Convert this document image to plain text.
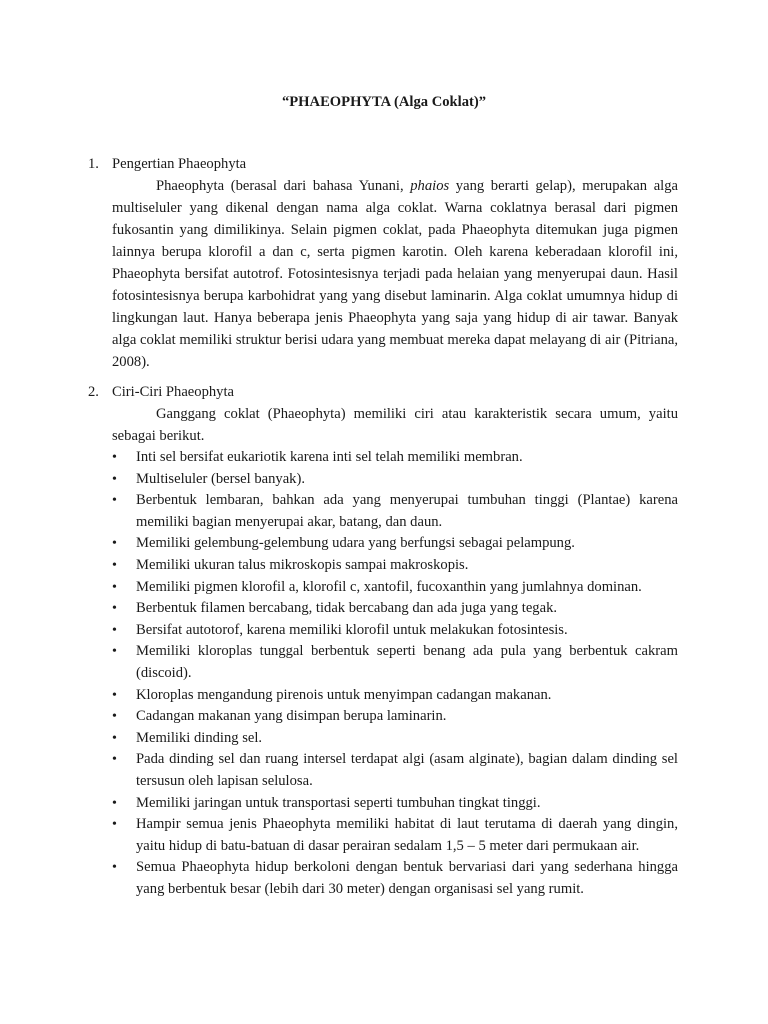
“PHAEOPHYTA (Alga Coklat)”
1. Pengertian Phaeophyta
Phaeophyta (berasal dari bahasa Yunani, phaios yang berarti gelap), merupakan alga multiseluler yang dikenal dengan nama alga coklat. Warna coklatnya berasal dari pigmen fukosantin yang dimilikinya. Selain pigmen coklat, pada Phaeophyta ditemukan juga pigmen lainnya berupa klorofil a dan c, serta pigmen karotin. Oleh karena keberadaan klorofil ini, Phaeophyta bersifat autotrof. Fotosintesisnya terjadi pada helaian yang menyerupai daun. Hasil fotosintesisnya berupa karbohidrat yang yang disebut laminarin. Alga coklat umumnya hidup di lingkungan laut. Hanya beberapa jenis Phaeophyta yang saja yang hidup di air tawar. Banyak alga coklat memiliki struktur berisi udara yang membuat mereka dapat melayang di air (Pitriana, 2008).
2. Ciri-Ciri Phaeophyta
Ganggang coklat (Phaeophyta) memiliki ciri atau karakteristik secara umum, yaitu sebagai berikut.
• Inti sel bersifat eukariotik karena inti sel telah memiliki membran.
• Multiseluler (bersel banyak).
• Berbentuk lembaran, bahkan ada yang menyerupai tumbuhan tinggi (Plantae) karena memiliki bagian menyerupai akar, batang, dan daun.
• Memiliki gelembung-gelembung udara yang berfungsi sebagai pelampung.
• Memiliki ukuran talus mikroskopis sampai makroskopis.
• Memiliki pigmen klorofil a, klorofil c, xantofil, fucoxanthin yang jumlahnya dominan.
• Berbentuk filamen bercabang, tidak bercabang dan ada juga yang tegak.
• Bersifat autotorof, karena memiliki klorofil untuk melakukan fotosintesis.
• Memiliki kloroplas tunggal berbentuk seperti benang ada pula yang berbentuk cakram (discoid).
• Kloroplas mengandung pirenois untuk menyimpan cadangan makanan.
• Cadangan makanan yang disimpan berupa laminarin.
• Memiliki dinding sel.
• Pada dinding sel dan ruang intersel terdapat algi (asam alginate), bagian dalam dinding sel tersusun oleh lapisan selulosa.
• Memiliki jaringan untuk transportasi seperti tumbuhan tingkat tinggi.
• Hampir semua jenis Phaeophyta memiliki habitat di laut terutama di daerah yang dingin, yaitu hidup di batu-batuan di dasar perairan sedalam 1,5 – 5 meter dari permukaan air.
• Semua Phaeophyta hidup berkoloni dengan bentuk bervariasi dari yang sederhana hingga yang berbentuk besar (lebih dari 30 meter) dengan organisasi sel yang rumit.
